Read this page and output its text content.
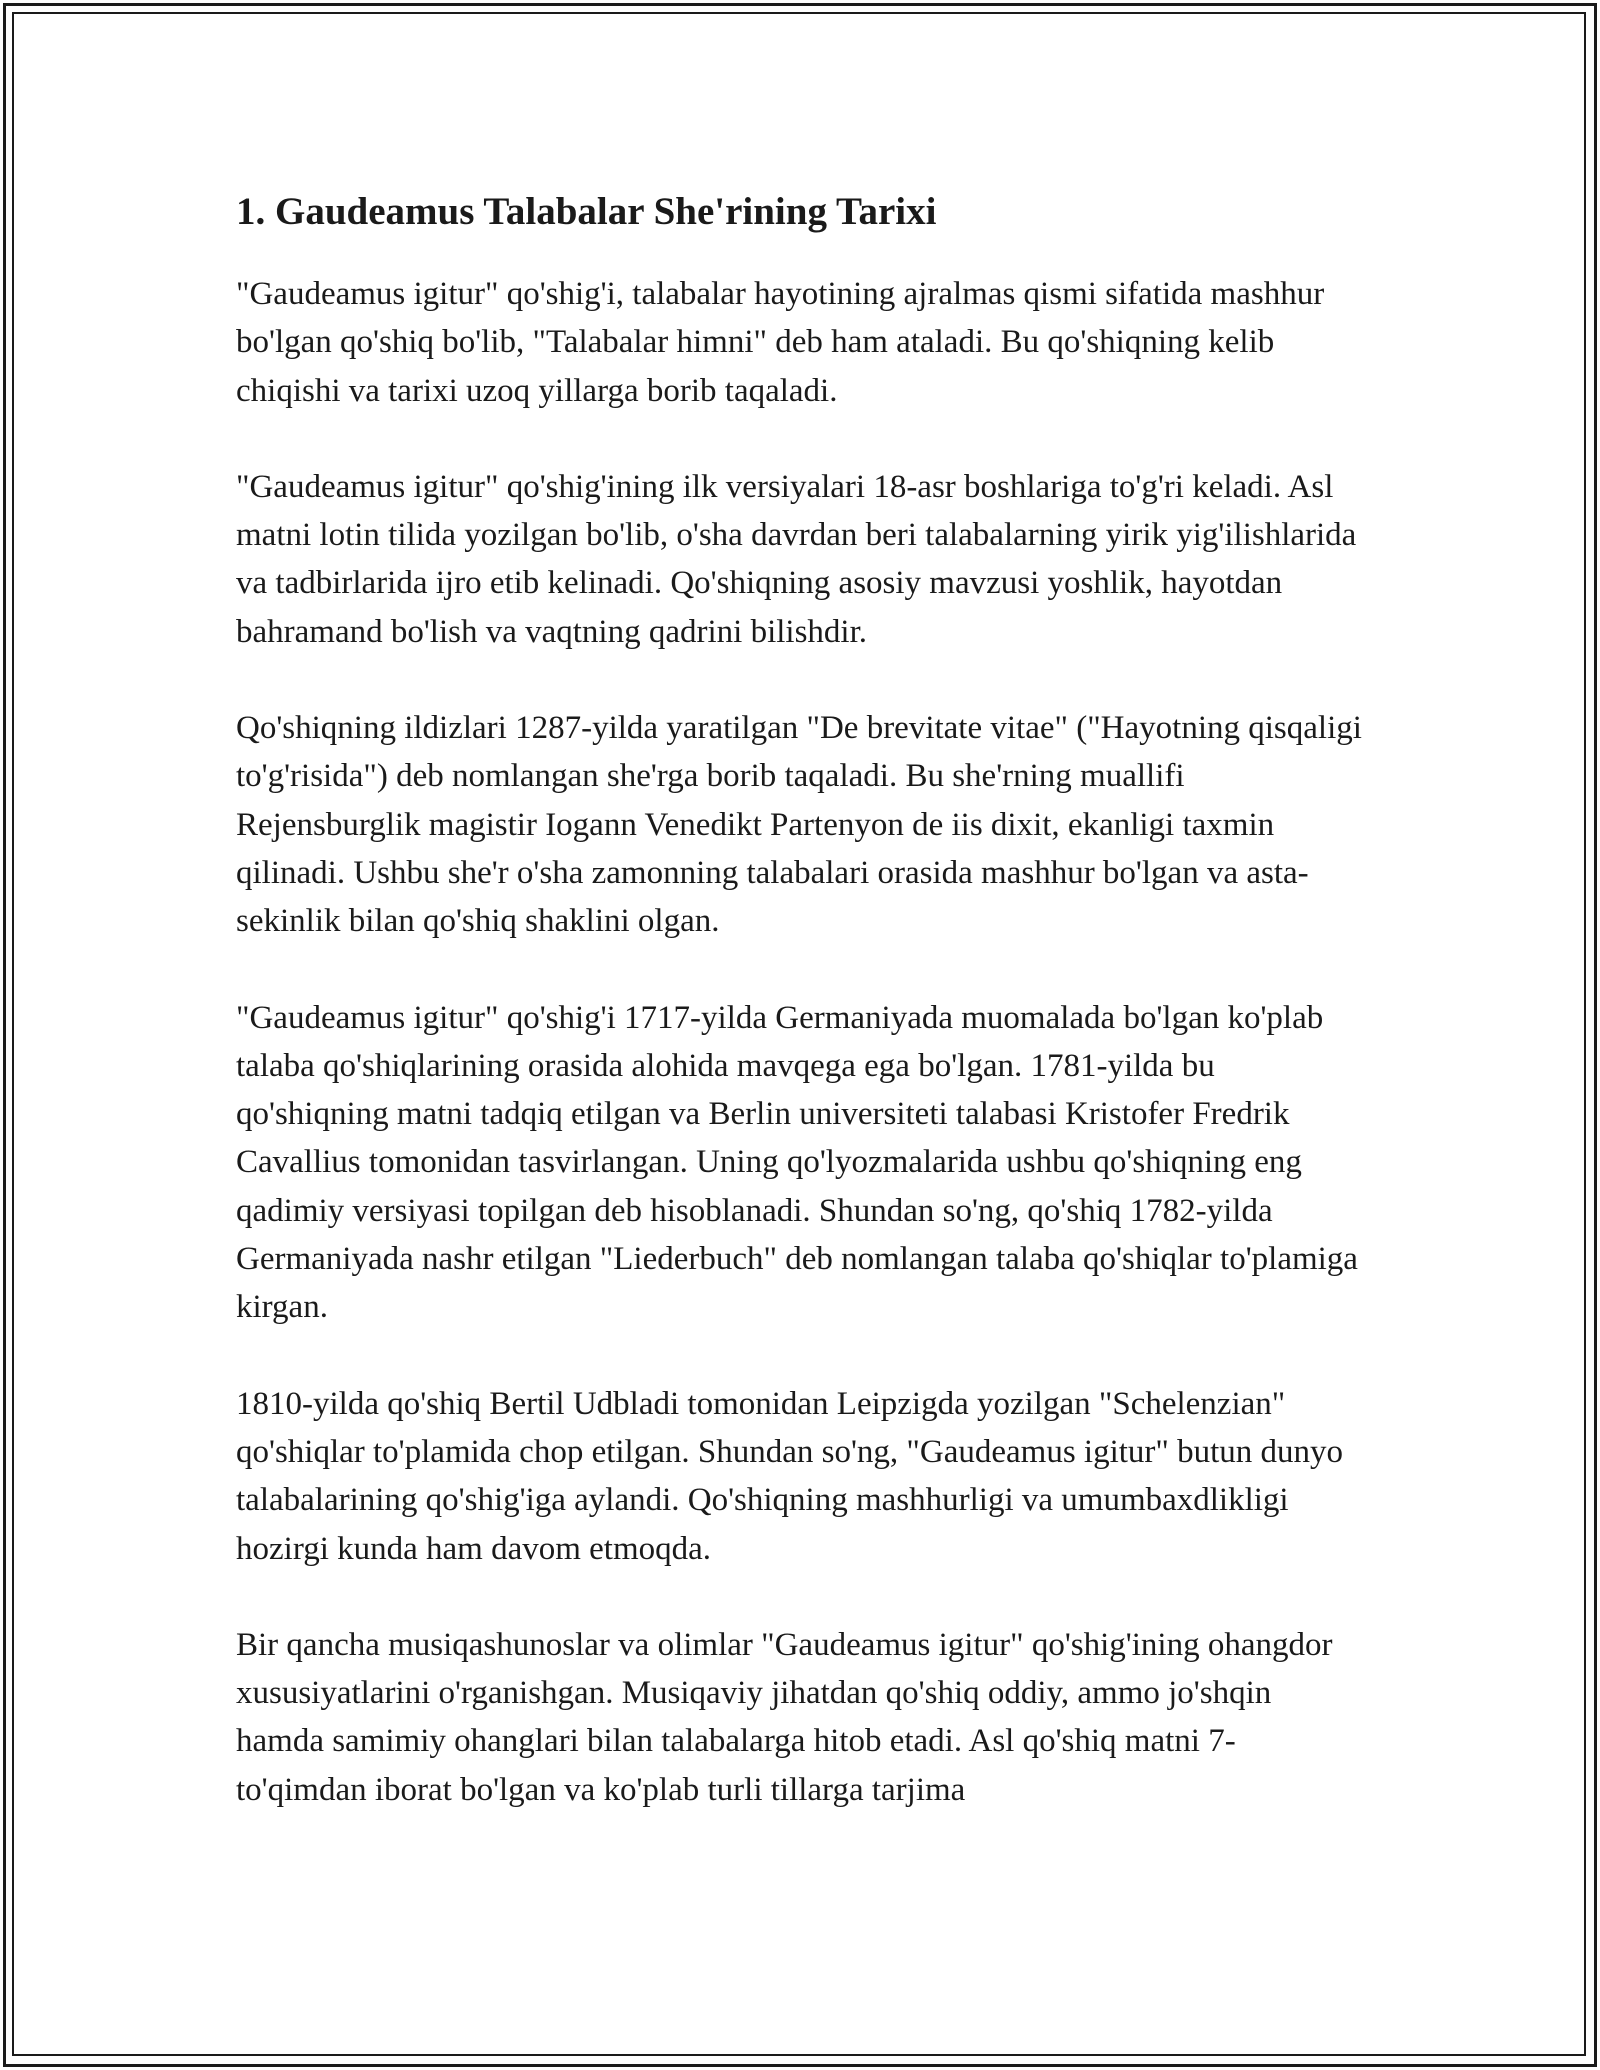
1. Gaudeamus Talabalar She'rining Tarixi

"Gaudeamus igitur" qo'shig'i, talabalar hayotining ajralmas qismi sifatida mashhur bo'lgan qo'shiq bo'lib, "Talabalar himni" deb ham ataladi. Bu qo'shiqning kelib chiqishi va tarixi uzoq yillarga borib taqaladi.

"Gaudeamus igitur" qo'shig'ining ilk versiyalari 18-asr boshlariga to'g'ri keladi. Asl matni lotin tilida yozilgan bo'lib, o'sha davrdan beri talabalarning yirik yig'ilishlarida va tadbirlarida ijro etib kelinadi. Qo'shiqning asosiy mavzusi yoshlik, hayotdan bahramand bo'lish va vaqtning qadrini bilishdir.

Qo'shiqning ildizlari 1287-yilda yaratilgan "De brevitate vitae" ("Hayotning qisqaligi to'g'risida") deb nomlangan she'rga borib taqaladi. Bu she'rning muallifi Rejensburglik magistir Iogann Venedikt Partenyon de iis dixit, ekanligi taxmin qilinadi. Ushbu she'r o'sha zamonning talabalari orasida mashhur bo'lgan va asta-sekinlik bilan qo'shiq shaklini olgan.

"Gaudeamus igitur" qo'shig'i 1717-yilda Germaniyada muomalada bo'lgan ko'plab talaba qo'shiqlarining orasida alohida mavqega ega bo'lgan. 1781-yilda bu qo'shiqning matni tadqiq etilgan va Berlin universiteti talabasi Kristofer Fredrik Cavallius tomonidan tasvirlangan. Uning qo'lyozmalarida ushbu qo'shiqning eng qadimiy versiyasi topilgan deb hisoblanadi. Shundan so'ng, qo'shiq 1782-yilda Germaniyada nashr etilgan "Liederbuch" deb nomlangan talaba qo'shiqlar to'plamiga kirgan.

1810-yilda qo'shiq Bertil Udbladi tomonidan Leipzigda yozilgan "Schelenzian" qo'shiqlar to'plamida chop etilgan. Shundan so'ng, "Gaudeamus igitur" butun dunyo talabalarining qo'shig'iga aylandi. Qo'shiqning mashhurligi va umumbaxdlikligi hozirgi kunda ham davom etmoqda.

Bir qancha musiqashunoslar va olimlar "Gaudeamus igitur" qo'shig'ining ohangdor xususiyatlarini o'rganishgan. Musiqaviy jihatdan qo'shiq oddiy, ammo jo'shqin hamda samimiy ohanglari bilan talabalarga hitob etadi. Asl qo'shiq matni 7-to'qimdan iborat bo'lgan va ko'plab turli tillarga tarjima
